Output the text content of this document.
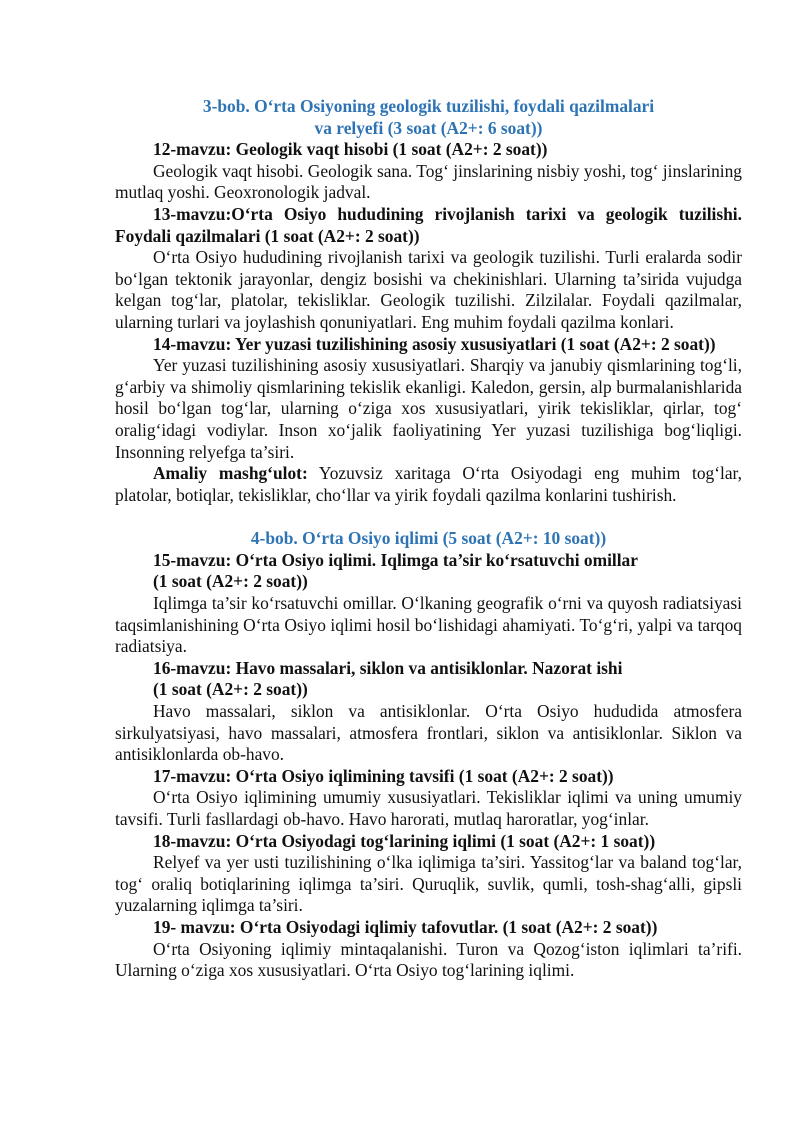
3-bob. O‘rta Osiyoning geologik tuzilishi, foydali qazilmalari
va relyefi (3 soat (A2+: 6 soat))

12-mavzu: Geologik vaqt hisobi (1 soat (A2+: 2 soat))

Geologik vaqt hisobi. Geologik sana. Tog‘ jinslarining nisbiy yoshi, tog‘ jinslarining mutlaq yoshi. Geoxronologik jadval.

13-mavzu:O‘rta Osiyo hududining rivojlanish tarixi va geologik tuzilishi. Foydali qazilmalari (1 soat (A2+: 2 soat))

O‘rta Osiyo hududining rivojlanish tarixi va geologik tuzilishi. Turli eralarda sodir bo‘lgan tektonik jarayonlar, dengiz bosishi va chekinishlari. Ularning ta’sirida vujudga kelgan tog‘lar, platolar, tekisliklar. Geologik tuzilishi. Zilzilalar. Foydali qazilmalar, ularning turlari va joylashish qonuniyatlari. Eng muhim foydali qazilma konlari.

14-mavzu: Yer yuzasi tuzilishining asosiy xususiyatlari (1 soat (A2+: 2 soat))

Yer yuzasi tuzilishining asosiy xususiyatlari. Sharqiy va janubiy qismlarining tog‘li, g‘arbiy va shimoliy qismlarining tekislik ekanligi. Kaledon, gersin, alp burmalanishlarida hosil bo‘lgan tog‘lar, ularning o‘ziga xos xususiyatlari, yirik tekisliklar, qirlar, tog‘ oralig‘idagi vodiylar. Inson xo‘jalik faoliyatining Yer yuzasi tuzilishiga bog‘liqligi. Insonning relyefga ta’siri.

Amaliy mashg‘ulot: Yozuvsiz xaritaga O‘rta Osiyodagi eng muhim tog‘lar, platolar, botiqlar, tekisliklar, cho‘llar va yirik foydali qazilma konlarini tushirish.

4-bob. O‘rta Osiyo iqlimi (5 soat (A2+: 10 soat))

15-mavzu: O‘rta Osiyo iqlimi. Iqlimga ta’sir ko‘rsatuvchi omillar

(1 soat (A2+: 2 soat))

Iqlimga ta’sir ko‘rsatuvchi omillar. O‘lkaning geografik o‘rni va quyosh radiatsiyasi taqsimlanishining O‘rta Osiyo iqlimi hosil bo‘lishidagi ahamiyati. To‘g‘ri, yalpi va tarqoq radiatsiya.

16-mavzu: Havo massalari, siklon va antisiklonlar. Nazorat ishi

(1 soat (A2+: 2 soat))

Havo massalari, siklon va antisiklonlar. O‘rta Osiyo hududida atmosfera sirkulyatsiyasi, havo massalari, atmosfera frontlari, siklon va antisiklonlar. Siklon va antisiklonlarda ob-havo.

17-mavzu: O‘rta Osiyo iqlimining tavsifi (1 soat (A2+: 2 soat))

O‘rta Osiyo iqlimining umumiy xususiyatlari. Tekisliklar iqlimi va uning umumiy tavsifi. Turli fasllardagi ob-havo. Havo harorati, mutlaq haroratlar, yog‘inlar.

18-mavzu: O‘rta Osiyodagi tog‘larining iqlimi (1 soat (A2+: 1 soat))

Relyef va yer usti tuzilishining o‘lka iqlimiga ta’siri. Yassitog‘lar va baland tog‘lar, tog‘ oraliq botiqlarining iqlimga ta’siri. Quruqlik, suvlik, qumli, tosh-shag‘alli, gipsli yuzalarning iqlimga ta’siri.

19- mavzu: O‘rta Osiyodagi iqlimiy tafovutlar. (1 soat (A2+: 2 soat))

O‘rta Osiyoning iqlimiy mintaqalanishi. Turon va Qozog‘iston iqlimlari ta’rifi. Ularning o‘ziga xos xususiyatlari. O‘rta Osiyo tog‘larining iqlimi.
